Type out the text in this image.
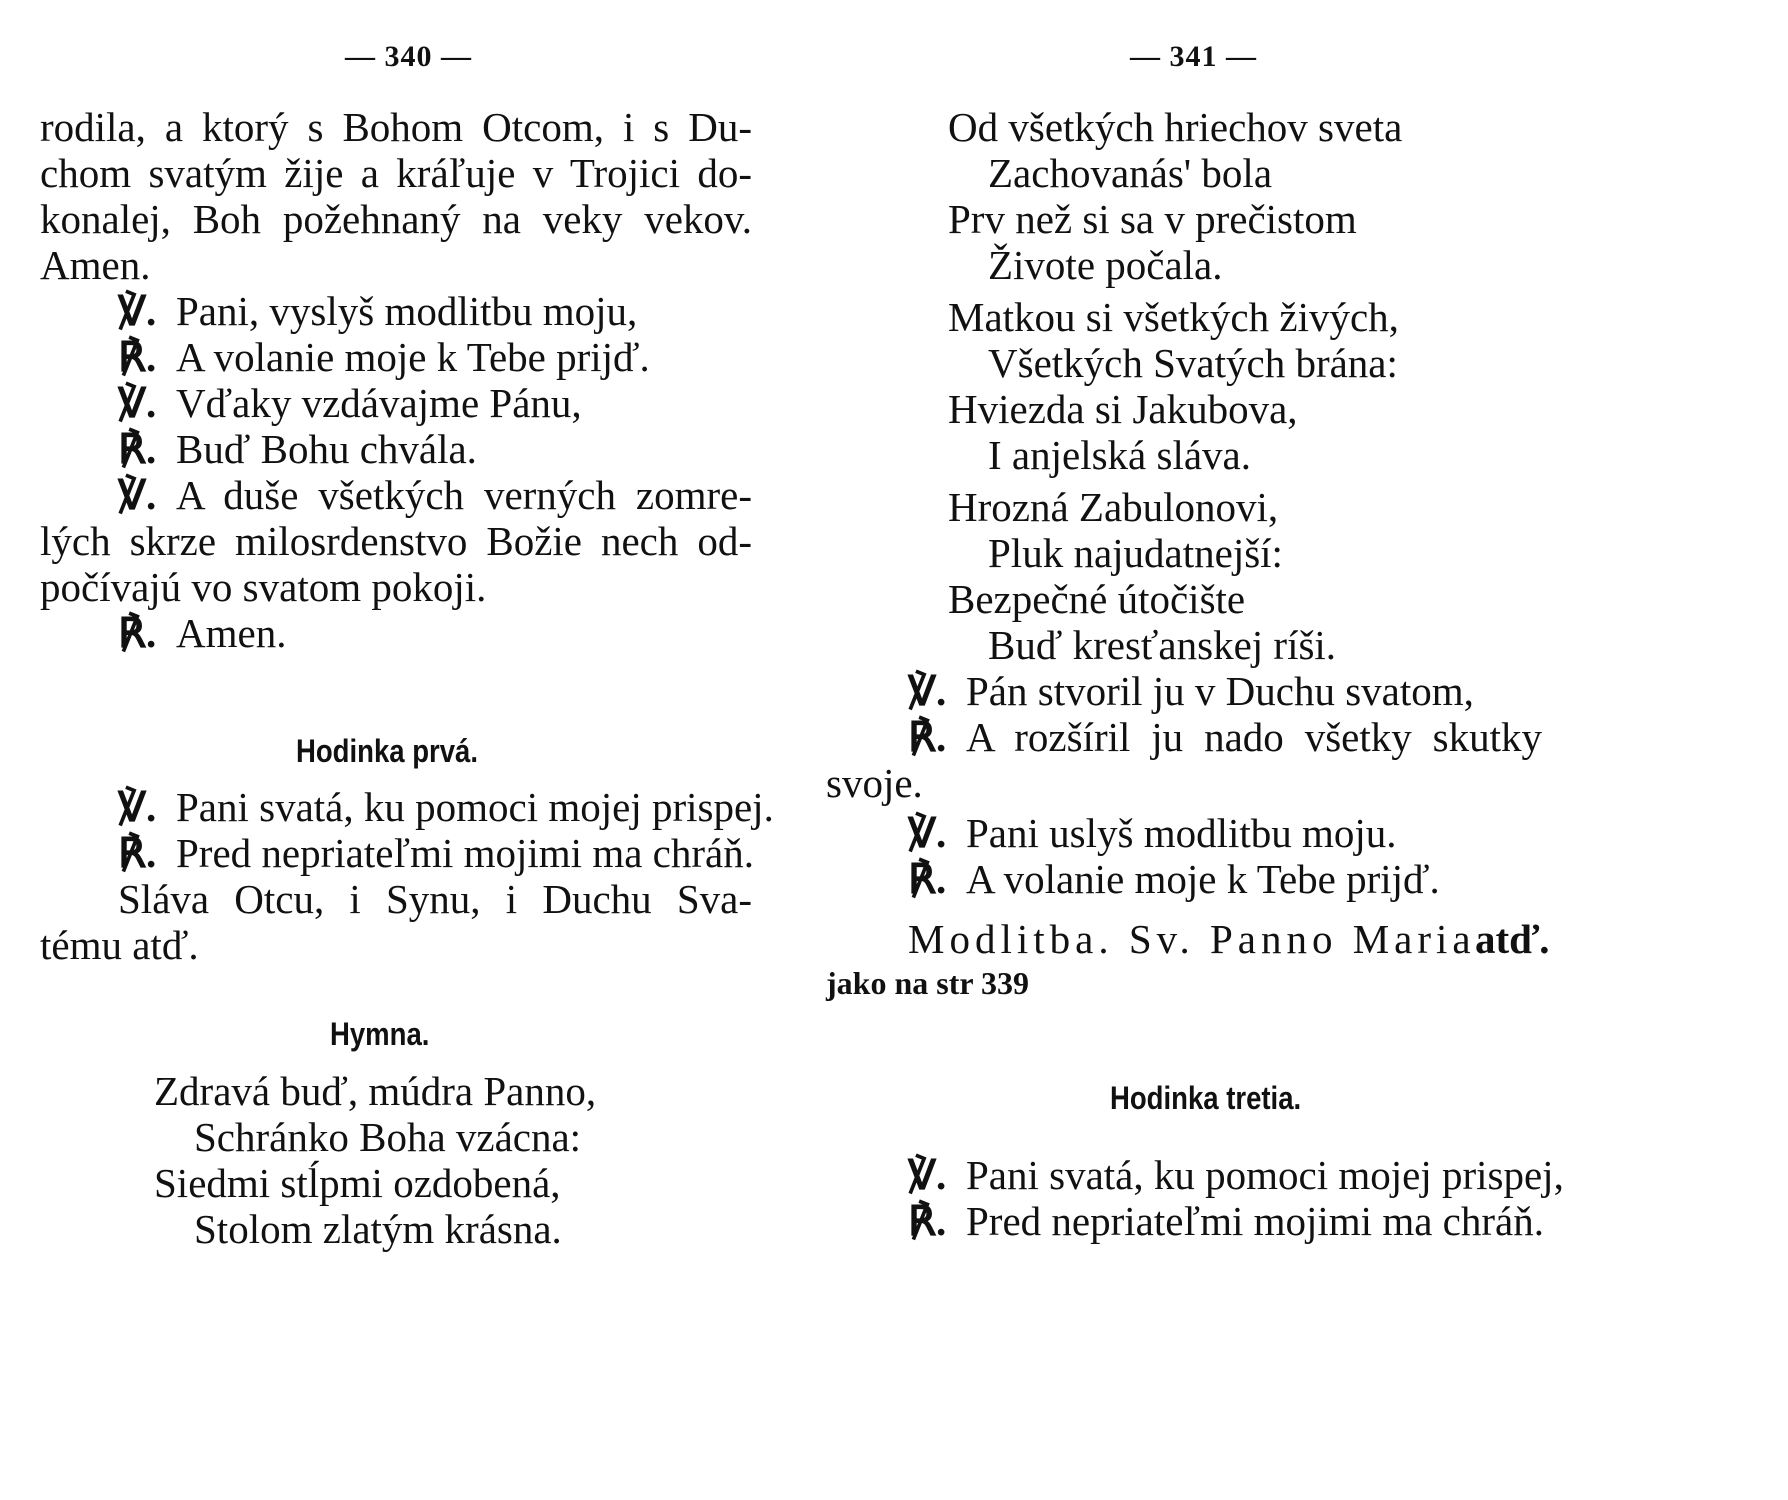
— 340 —
rodila, a ktorý s Bohom Otcom, i s Du-
chom svatým žije a kráľuje v Trojici do-
konalej, Boh požehnaný na veky vekov.
Amen.
℣. Pani, vyslyš modlitbu moju,
℟. A volanie moje k Tebe prijď.
℣. Vďaky vzdávajme Pánu,
℟. Buď Bohu chvála.
℣. A duše všetkých verných zomre-
lých skrze milosrdenstvo Božie nech od-
počívajú vo svatom pokoji.
℟. Amen.
Hodinka prvá.
℣. Pani svatá, ku pomoci mojej prispej.
℟. Pred nepriateľmi mojimi ma chráň.
Sláva Otcu, i Synu, i Duchu Sva-
tému atď.
Hymna.
Zdravá buď, múdra Panno,
Schránko Boha vzácna:
Siedmi stĺpmi ozdobená,
Stolom zlatým krásna.
— 341 —
Od všetkých hriechov sveta
Zachovanás' bola
Prv než si sa v prečistom
Živote počala.
Matkou si všetkých živých,
Všetkých Svatých brána:
Hviezda si Jakubova,
I anjelská sláva.
Hrozná Zabulonovi,
Pluk najudatnejší:
Bezpečné útočište
Buď kresťanskej ríši.
℣. Pán stvoril ju v Duchu svatom,
℟. A rozšíril ju nado všetky skutky
svoje.
℣. Pani uslyš modlitbu moju.
℟. A volanie moje k Tebe prijď.
Modlitba. Sv. Panno Maria.
atď.
jako na str 339
Hodinka tretia.
℣. Pani svatá, ku pomoci mojej prispej,
℟. Pred nepriateľmi mojimi ma chráň.
